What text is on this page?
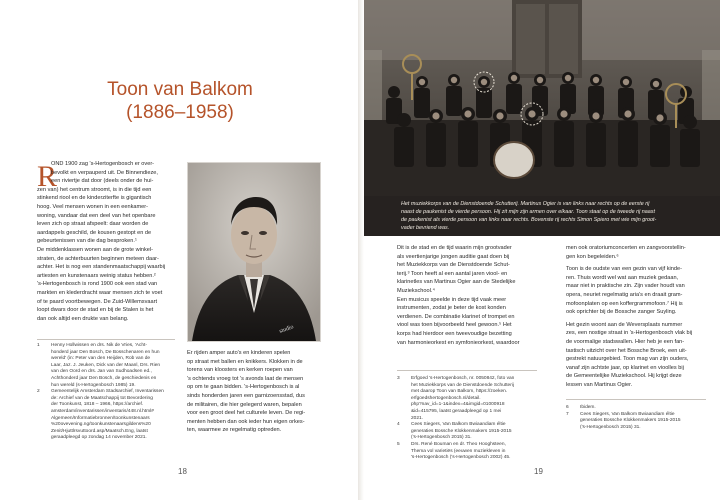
Toon van Balkom
(1886–1958)
R

OND 1900 zag 's-Hertogenbosch er over-

bevolkt en verpauperd uit. De Binnendieze,

een riviertje dat door (deels onder de hui-

zen van) het centrum stroomt, is in die tijd een

stinkend riool en de kinderziterfte is gigantisch

hoog. Veel mensen wonen in een eenkamer-

woning, vandaar dat een deel van het openbare

leven zich op straat afspeelt: daar worden de

aardappels geschild, de kousen gestopt en de

gebeurtenissen van die dag besproken.¹

De middenklassen wonen aan de grote winkel-

straten, de achterbuurten beginnen meteen daar-

achter. Het is nog een standenmaatschappij waarbij

artiesten en kunstenaars weinig status hebben.²

's-Hertogenbosch is rond 1900 ook een stad van

markten en klederdracht waar mensen zich te voet

of te paard voortbewegen. De Zuid-Willemsvaart

loopt dwars door de stad en bij de Stalen is het

dan ook altijd een drukte van belang.

studio

Er rijden amper auto's en kinderen spelen

op straat met ballen en knikkers. Klokken in de

torens van kloosters en kerken roepen van

's ochtends vroeg tot 's avonds laat de mensen

op om te gaan bidden. 's-Hertogenbosch is al

sinds honderden jaren een garnizoensstad, dus

de militairen, die hier gelegerd waren, bepalen

voor een groot deel het culturele leven. De regi-

menten hebben dan ook ieder hun eigen orkes-

ten, waarmee ze regelmatig optreden.

1	Henny Hollwissen en drs. Nik de Vries, 'Acht-
honderd jaar Den Bosch, De Bosschenaren en hun
wereld' (in: Peter van den Heijden, Rob van de
Laar, Jaz. J. Jeuken, Dick van der Maanl, Drs. Rien
van den Oord en drs. Jan van Sudhoadsen ed.,
Achthonderd jaar Den Bosch, de geschiedenis en
hun wereld (s-Hertogenbosch 1985) 19.
2	Gemeentelijk Amsterdam Stadsarchief, Inventarissen
de: Archief van de Maatschappij tot Bevordering
der Toonkunst, 1818 – 1966, https://archief.
amsterdam/inventarissen/inventaris/448.nl.html#
Algemeen/Informatiebronnen/toonkunstenaars
%20ovevening.ng/toonkunstenaarsgildens%20
Zenit/Hjuttlrsvuttoord.asp/Maatsch.Eng, laatst
geraadpleegd op zondag 14 november 2021.
18

Het muziekkorps van de Dienstdoende Schutterij. Martinus Ogier is van links naar rechts op de eerste rij

naast de paukenist de vierde persoon. Hij zit mijn zijn armen over elkaar. Toon staat op de tweede rij naast

de paukenist als vierde persoon van links naar rechts. Bovenste rij rechts Simon Spiero met wie mijn groot-

vader bevriend was.

Dit is de stad en de tijd waarin mijn grootvader

als veertienjarige jongen auditie gaat doen bij

het Muziekkorps van de Dienstdoende Schut-

terij.³ Toon heeft al een aantal jaren viool- en

klarinetles van Martinus Ogier aan de Stedelijke

Muziekschool.⁴

Een musicus speelde in deze tijd vaak meer

instrumenten, zodat je beter de kost konden

verdienen. De combinatie klarinet of trompet en

viool was toen bijvoorbeeld heel gewoon.⁵ Het

korps had hierdoor een tweevoudige bezetting

van harmonieorkest en symfonieorkest, waardoor

men ook oratoriumconcerten en zangvoorstellin-

gen kon begeleiden.⁶

Toon is de oudste van een gezin van vijf kinde-

ren. Thuis wordt wel wat aan muziek gedaan,

maar niet in praktische zin. Zijn vader houdt van

opera, neuriet regelmatig aria's en draait gram-

mofoonplaten op een koffergrammofoon.⁷ Hij is

ook oprichter bij de Bossche zanger Suyling.

Het gezin woont aan de Weversplaats nummer

zes, een nostige straat in 's-Hertogenbosch vlak bij

de voormalige stadswallen. Hier heb je een fan-

tastisch uitzicht over het Bossche Broek, een uit-

gestrekt natuurgebied. Toon mag van zijn ouders,

vanaf zijn achtste jaar, op klarinet en vioolles bij

de Gemeentelijke Muziekschool. Hij krijgt deze

lessen van Martinus Ogier.

3	Erfgoed 's-Hertogenbosch, nr. 0050842, foto van
het Muziekkorps van de Dienstdoende Schutterij
met daarop Toon van Balkom, https://zoeken.
erfgoedshertogenbosch.nl/detail.
php?nav_id=1-1&index=4&imgid=01000918
&id=415795, laatst geraadpleegd op 1 mei
2021.
4	Cees Siegers, Van Balkom Bwiaandiam éltie
generaties Bossche Klokkenmakers 1915-2015
('s-Hertogenbosch 2015) 31.
5	Drs. René Bouman en dr. Theo Hooghsteen,
Thema vol varietiës (eeuwen muziekleven in
's-Hertogenbosch ('s-Hertogenbosch 2002) 45.
6	Ibidem.
7	Cees Siegers, Van Balkom Bwiaandiam éltie
generaties Bossche Klokkenmakers 1915-2015
('s-Hertogenbosch 2015) 31.
19
